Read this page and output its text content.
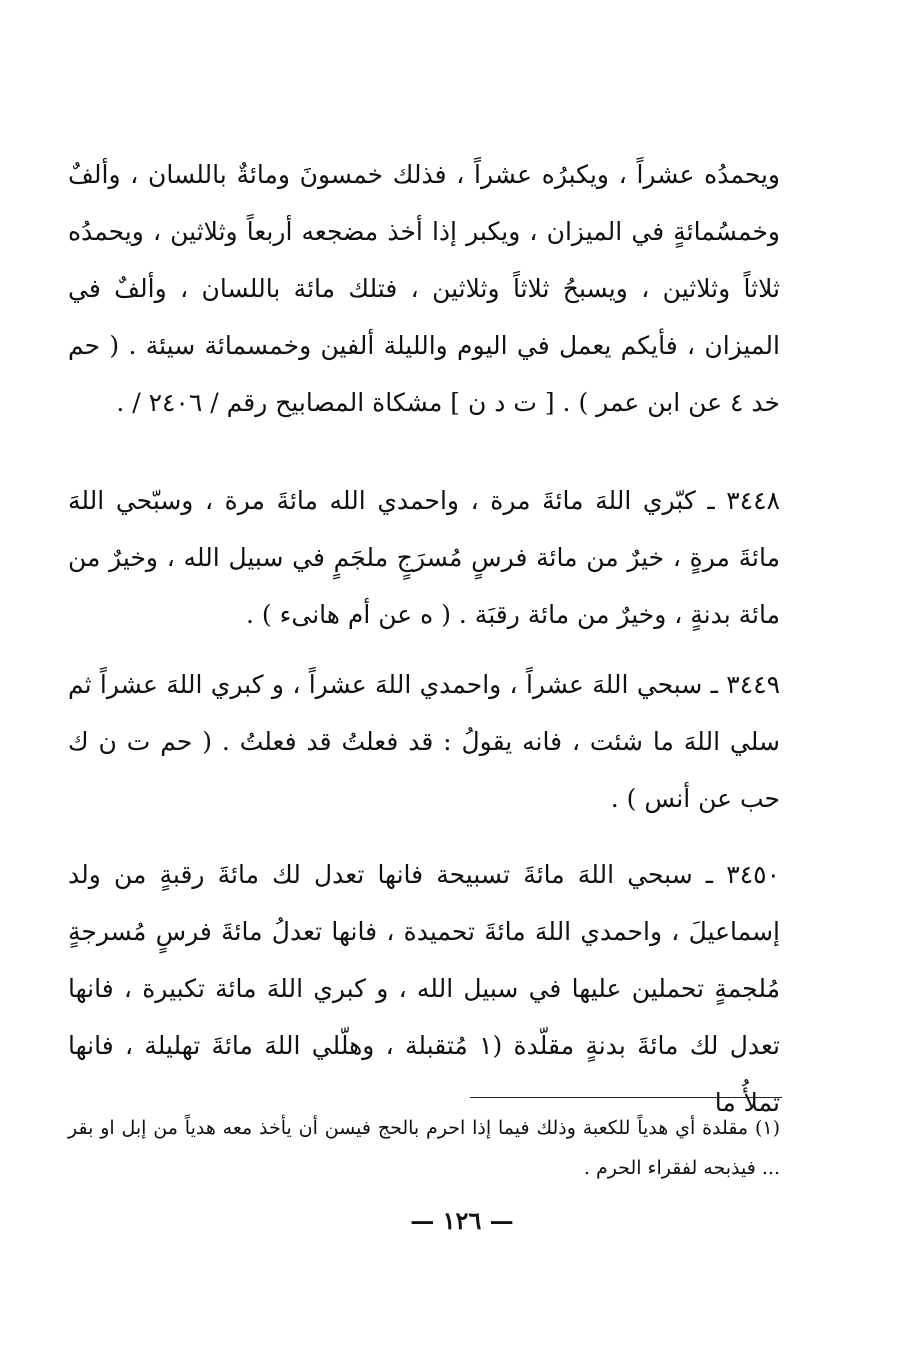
ويحمدُه عشراً ، ويكبرُه عشراً ، فذلك خمسونَ ومائةٌ باللسان ، وألفٌ وخمسُمائةٍ في الميزان ، ويكبر إذا أخذ مضجعه أربعاً وثلاثين ، ويحمدُه ثلاثاً وثلاثين ، ويسبحُ ثلاثاً وثلاثين ، فتلك مائة باللسان ، وألفٌ في الميزان ، فأيكم يعمل في اليوم والليلة ألفين وخمسمائة سيئة . ( حم خد ٤ عن ابن عمر ) . [ ت د ن ] مشكاة المصابيح رقم / ٢٤٠٦ / .

٣٤٤٨ ـ كبّري اللهَ مائةَ مرة ، واحمدي الله مائةَ مرة ، وسبّحي اللهَ مائةَ مرةٍ ، خيرٌ من مائة فرسٍ مُسرَجٍ ملجَمٍ في سبيل الله ، وخيرٌ من مائة بدنةٍ ، وخيرٌ من مائة رقبَة . ( ه عن أم هانىء ) .

٣٤٤٩ ـ سبحي اللهَ عشراً ، واحمدي اللهَ عشراً ، و كبري اللهَ عشراً ثم سلي اللهَ ما شئت ، فانه يقولُ : قد فعلتُ قد فعلتُ . ( حم ت ن ك حب عن أنس ) .

٣٤٥٠ ـ سبحي اللهَ مائةَ تسبيحة فانها تعدل لك مائةَ رقبةٍ من ولد إسماعيلَ ، واحمدي اللهَ مائةَ تحميدة ، فانها تعدلُ مائةَ فرسٍ مُسرجةٍ مُلجمةٍ تحملين عليها في سبيل الله ، و كبري اللهَ مائة تكبيرة ، فانها تعدل لك مائةَ بدنةٍ مقلّدة (١ مُتقبلة ، وهلّلي اللهَ مائةَ تهليلة ، فانها تملأُ ما

(١) مقلدة أي هدياً للكعبة وذلك فيما إذا احرم بالحج فيسن أن يأخذ معه هدياً من إبل او بقر ... فيذبحه لفقراء الحرم .

— ١٢٦ —
